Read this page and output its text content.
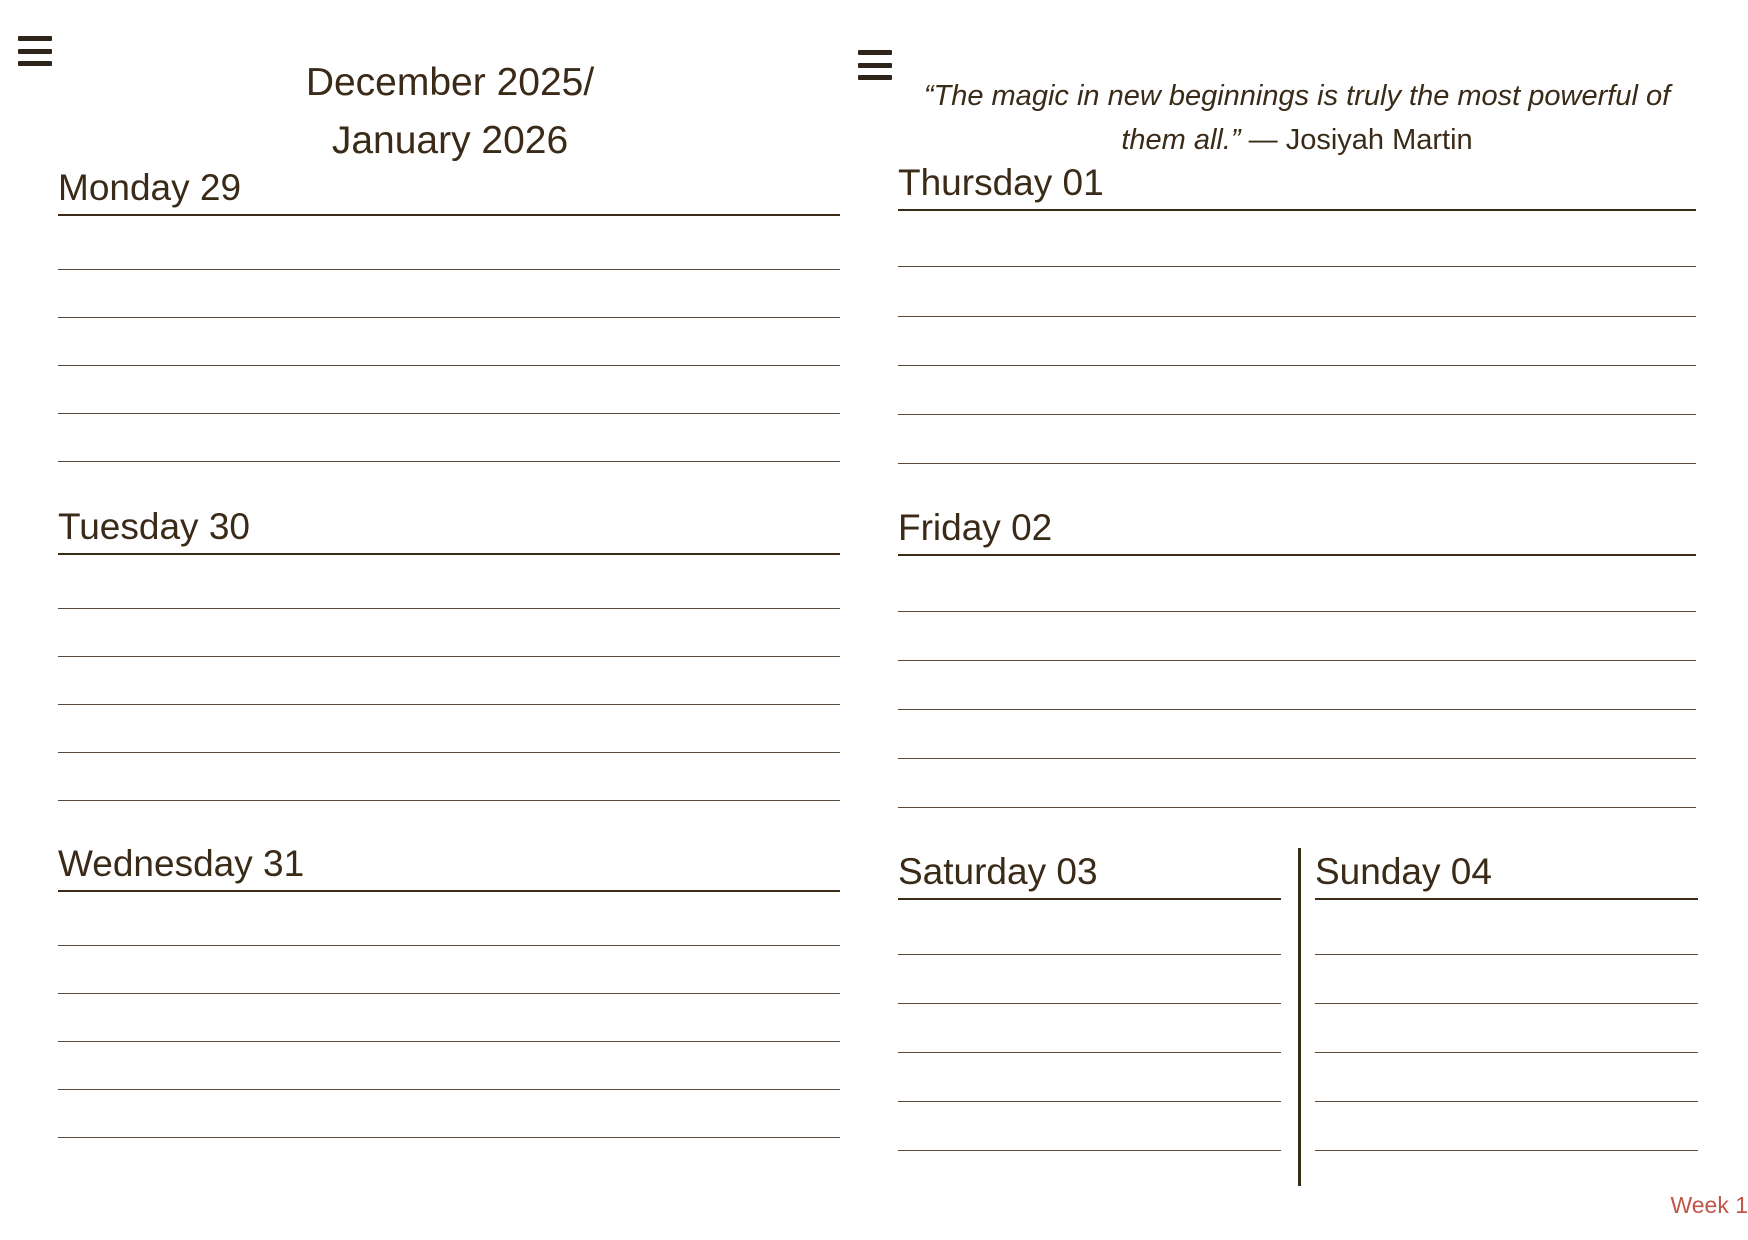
December 2025/
January 2026
“The magic in new beginnings is truly the most powerful of them all.” — Josiyah Martin
Monday 29
Tuesday 30
Wednesday 31
Thursday 01
Friday 02
Saturday 03	Sunday 04
Week 1
